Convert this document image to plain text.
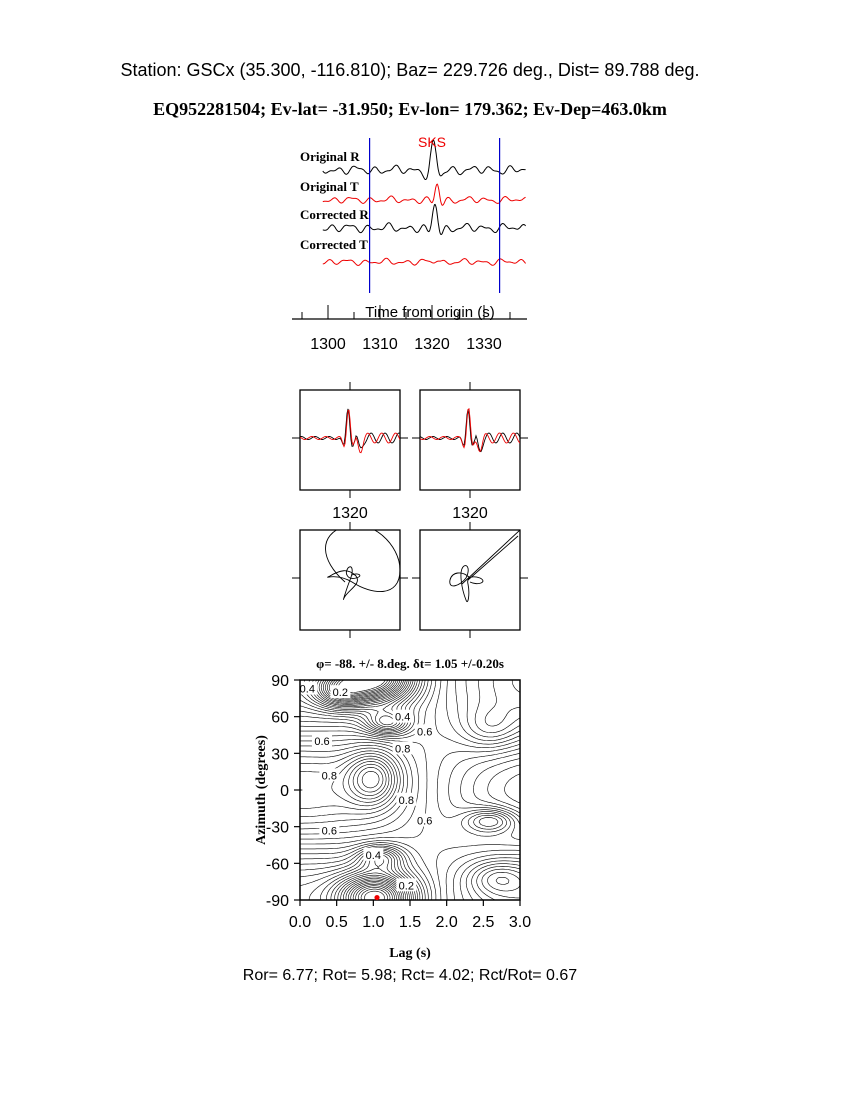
Station: GSCx (35.300, -116.810); Baz= 229.726 deg., Dist= 89.788 deg.
EQ952281504; Ev-lat= -31.950; Ev-lon= 179.362; Ev-Dep=463.0km
SKS
Original R
Original T
Corrected R
Corrected T
1300 1310 1320 1330
Time from origin (s)
1320	1320
φ= -88. +/- 8.deg. δt= 1.05 +/-0.20s
0.4 0.2
0.4
0.6
0.6
0.8
0.8
0.8
0.6
0.6
0.4
0.2
0.0 0.5 1.0 1.5 2.0 2.5 3.0
90
60
30
0
-30
-60
-90
Lag (s)
Azimuth (degrees)
Ror= 6.77; Rot= 5.98; Rct= 4.02; Rct/Rot= 0.67
